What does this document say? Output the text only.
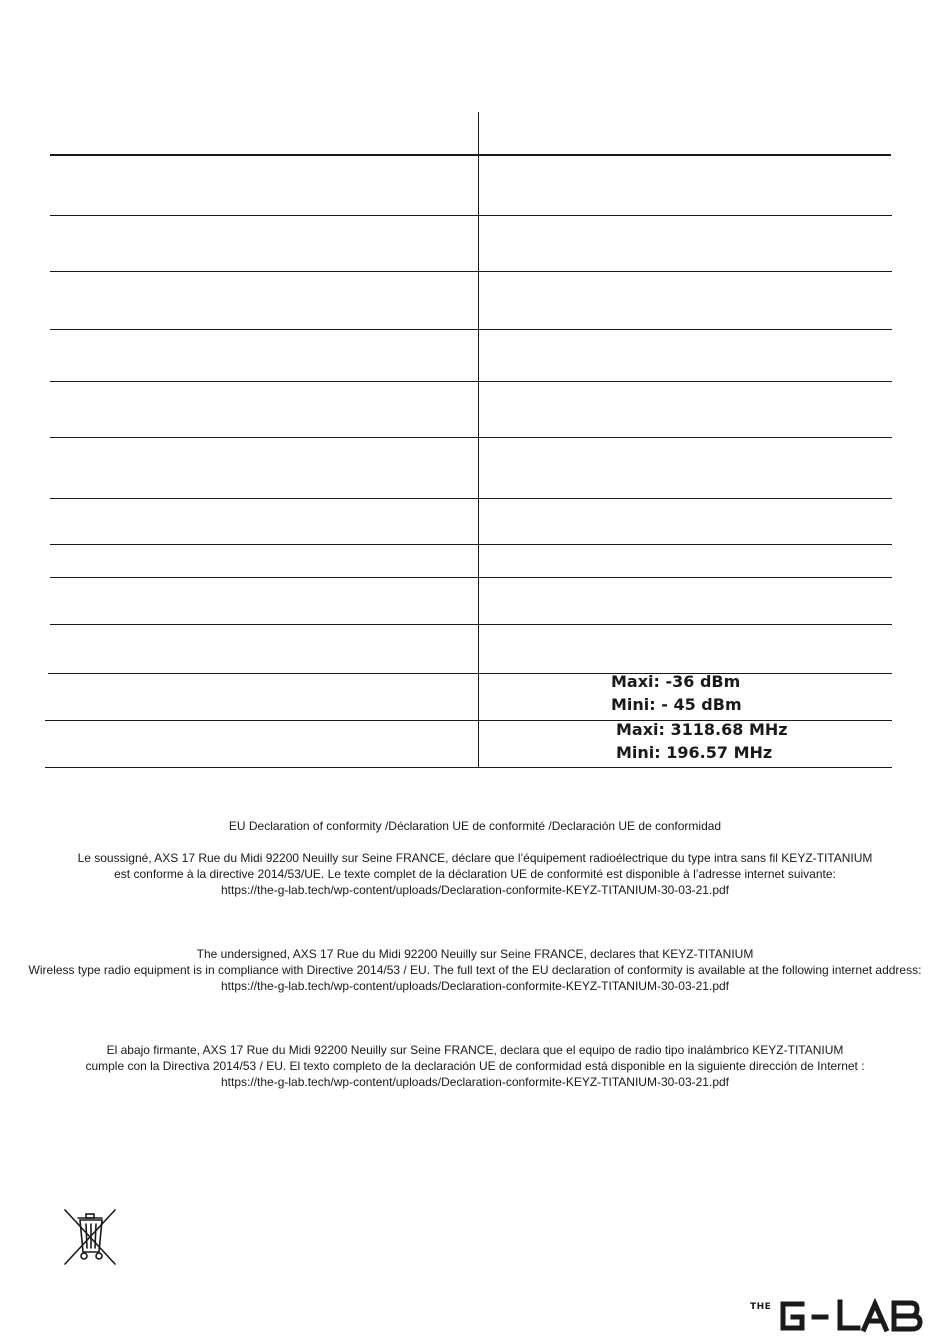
Maxi: -36 dBm
Mini: - 45 dBm
Maxi: 3118.68 MHz
Mini: 196.57 MHz
EU Declaration of conformity /Déclaration UE de conformité /Declaración UE de conformidad
Le soussigné, AXS 17 Rue du Midi 92200 Neuilly sur Seine FRANCE, déclare que l’équipement radioélectrique du type intra sans fil KEYZ-TITANIUM
est conforme à la directive 2014/53/UE. Le texte complet de la déclaration UE de conformité est disponible à l’adresse internet suivante:
https://the-g-lab.tech/wp-content/uploads/Declaration-conformite-KEYZ-TITANIUM-30-03-21.pdf
The undersigned, AXS 17 Rue du Midi 92200 Neuilly sur Seine FRANCE, declares that KEYZ-TITANIUM
Wireless type radio equipment is in compliance with Directive 2014/53 / EU. The full text of the EU declaration of conformity is available at the following internet address:
https://the-g-lab.tech/wp-content/uploads/Declaration-conformite-KEYZ-TITANIUM-30-03-21.pdf
El abajo firmante, AXS 17 Rue du Midi 92200 Neuilly sur Seine FRANCE, declara que el equipo de radio tipo inalámbrico KEYZ-TITANIUM
cumple con la Directiva 2014/53 / EU. El texto completo de la declaración UE de conformidad está disponible en la siguiente dirección de Internet :
https://the-g-lab.tech/wp-content/uploads/Declaration-conformite-KEYZ-TITANIUM-30-03-21.pdf
THE
